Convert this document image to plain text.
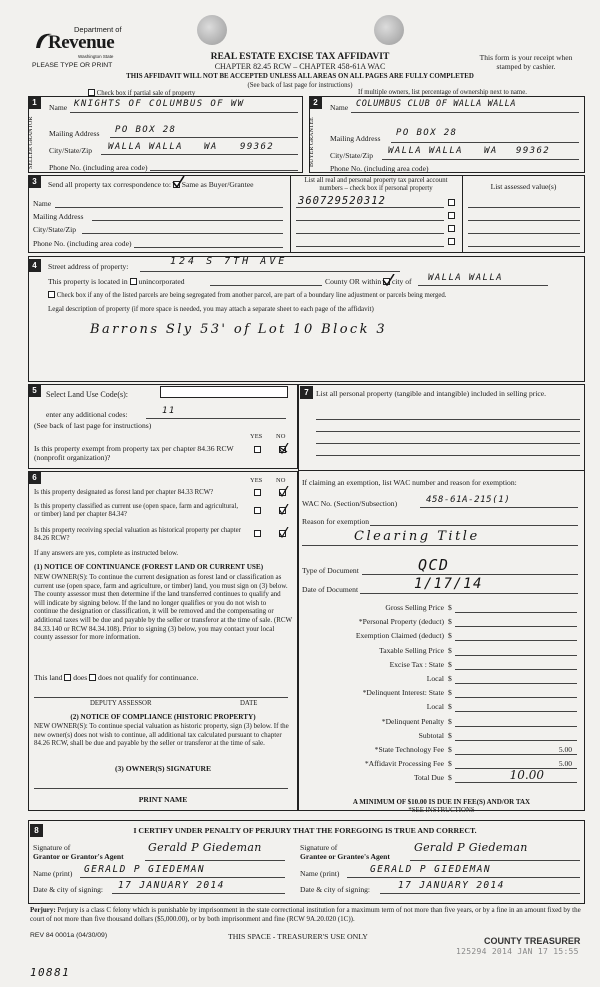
Department of
Revenue
Washington State
PLEASE TYPE OR PRINT
REAL ESTATE EXCISE TAX AFFIDAVIT
CHAPTER 82.45 RCW – CHAPTER 458-61A WAC
This form is your receipt when stamped by cashier.
THIS AFFIDAVIT WILL NOT BE ACCEPTED UNLESS ALL AREAS ON ALL PAGES ARE FULLY COMPLETED
(See back of last page for instructions)
Check box if partial sale of property	If multiple owners, list percentage of ownership next to name.
1
SELLER GRANTOR
Name KNIGHTS OF COLUMBUS OF WW
Mailing Address PO BOX 28
City/State/Zip WALLA WALLA WA 99362
Phone No. (including area code)
2
BUYER GRANTEE
Name COLUMBUS CLUB OF WALLA WALLA
Mailing Address
PO BOX 28
City/State/Zip WALLA WALLA WA 99362
Phone No. (including area code)
3	Send all property tax correspondence to: Same as Buyer/Grantee
Name
Mailing Address
City/State/Zip
Phone No. (including area code)
List all real and personal property tax parcel account numbers – check box if personal property
360729520312
List assessed value(s)
4	Street address of property:	124 S 7TH AVE
This property is located in unincorporated	County OR within city of WALLA WALLA
Check box if any of the listed parcels are being segregated from another parcel, are part of a boundary line adjustment or parcels being merged.
Legal description of property (if more space is needed, you may attach a separate sheet to each page of the affidavit)
Barrons Sly 53' of Lot 10 Block 3
5	Select Land Use Code(s):
enter any additional codes:	11
(See back of last page for instructions)
YES NO
Is this property exempt from property tax per chapter 84.36 RCW (nonprofit organization)?
6	YES NO
Is this property designated as forest land per chapter 84.33 RCW?
Is this property classified as current use (open space, farm and agricultural, or timber) land per chapter 84.34?
Is this property receiving special valuation as historical property per chapter 84.26 RCW?
If any answers are yes, complete as instructed below.
(1) NOTICE OF CONTINUANCE (FOREST LAND OR CURRENT USE)
NEW OWNER(S): To continue the current designation as forest land or classification as current use (open space, farm and agriculture, or timber) land, you must sign on (3) below. The county assessor must then determine if the land transferred continues to qualify and will indicate by signing below. If the land no longer qualifies or you do not wish to continue the designation or classification, it will be removed and the compensating or additional taxes will be due and payable by the seller or transferor at the time of sale. (RCW 84.33.140 or RCW 84.34.108). Prior to signing (3) below, you may contact your local county assessor for more information.
This land does does not qualify for continuance.
DEPUTY ASSESSOR	DATE
(2) NOTICE OF COMPLIANCE (HISTORIC PROPERTY)
NEW OWNER(S): To continue special valuation as historic property, sign (3) below. If the new owner(s) does not wish to continue, all additional tax calculated pursuant to chapter 84.26 RCW, shall be due and payable by the seller or transferor at the time of sale.
(3) OWNER(S) SIGNATURE
PRINT NAME
7 List all personal property (tangible and intangible) included in selling price.
If claiming an exemption, list WAC number and reason for exemption:
WAC No. (Section/Subsection)	458-61A-215(1)
Reason for exemption
Clearing Title
Type of Document	QCD
Date of Document	1/17/14
Gross Selling Price $
*Personal Property (deduct) $
Exemption Claimed (deduct) $
Taxable Selling Price $
Excise Tax : State $
Local $
*Delinquent Interest: State $
Local $
*Delinquent Penalty $
Subtotal $
*State Technology Fee $	5.00
*Affidavit Processing Fee $	5.00
Total Due $	10.00
A MINIMUM OF $10.00 IS DUE IN FEE(S) AND/OR TAX
*SEE INSTRUCTIONS
8	I CERTIFY UNDER PENALTY OF PERJURY THAT THE FOREGOING IS TRUE AND CORRECT.
Signature of
Grantor or Grantor's Agent
Gerald P Giedeman
Name (print) GERALD P GIEDEMAN
Date & city of signing: 17 JANUARY 2014
Signature of
Grantee or Grantee's Agent
Gerald P Giedeman
Name (print)	GERALD P GIEDEMAN
Date & city of signing:	17 JANUARY 2014
Perjury: Perjury is a class C felony which is punishable by imprisonment in the state correctional institution for a maximum term of not more than five years, or by a fine in an amount fixed by the court of not more than five thousand dollars ($5,000.00), or by both imprisonment and fine (RCW 9A.20.020 (1C)).
REV 84 0001a (04/30/09)	THIS SPACE - TREASURER'S USE ONLY	COUNTY TREASURER
125294 2014 JAN 17 15:55
10881
